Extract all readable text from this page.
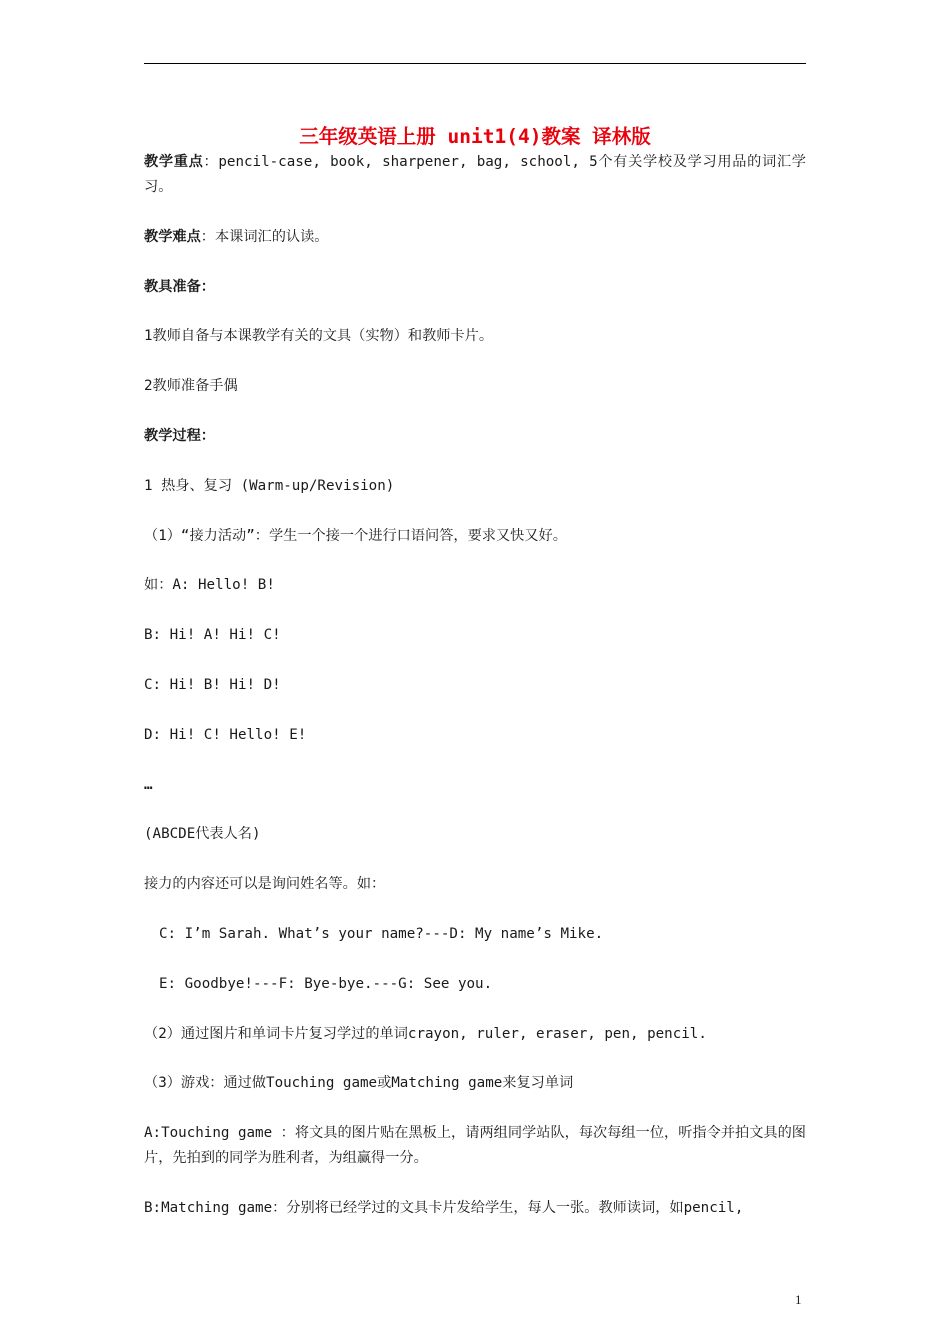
三年级英语上册 unit1(4)教案 译林版
教学重点：pencil-case, book, sharpener, bag, school, 5个有关学校及学习用品的词汇学习。
教学难点：本课词汇的认读。
教具准备：
1教师自备与本课教学有关的文具（实物）和教师卡片。
2教师准备手偶
教学过程：
1 热身、复习 (Warm-up/Revision)
（1）“接力活动”：学生一个接一个进行口语问答，要求又快又好。
如：A: Hello! B!
B: Hi! A! Hi! C!
C: Hi! B! Hi! D!
D: Hi! C! Hello! E!
…
(ABCDE代表人名)
接力的内容还可以是询问姓名等。如：
C: I’m Sarah. What’s your name?---D: My name’s Mike.
E: Goodbye!---F: Bye-bye.---G: See you.
（2）通过图片和单词卡片复习学过的单词crayon, ruler, eraser, pen, pencil.
（3）游戏：通过做Touching game或Matching game来复习单词
A:Touching game ：将文具的图片贴在黑板上，请两组同学站队，每次每组一位，听指令并拍文具的图片，先拍到的同学为胜利者，为组赢得一分。
B:Matching game：分别将已经学过的文具卡片发给学生，每人一张。教师读词，如pencil,
1
